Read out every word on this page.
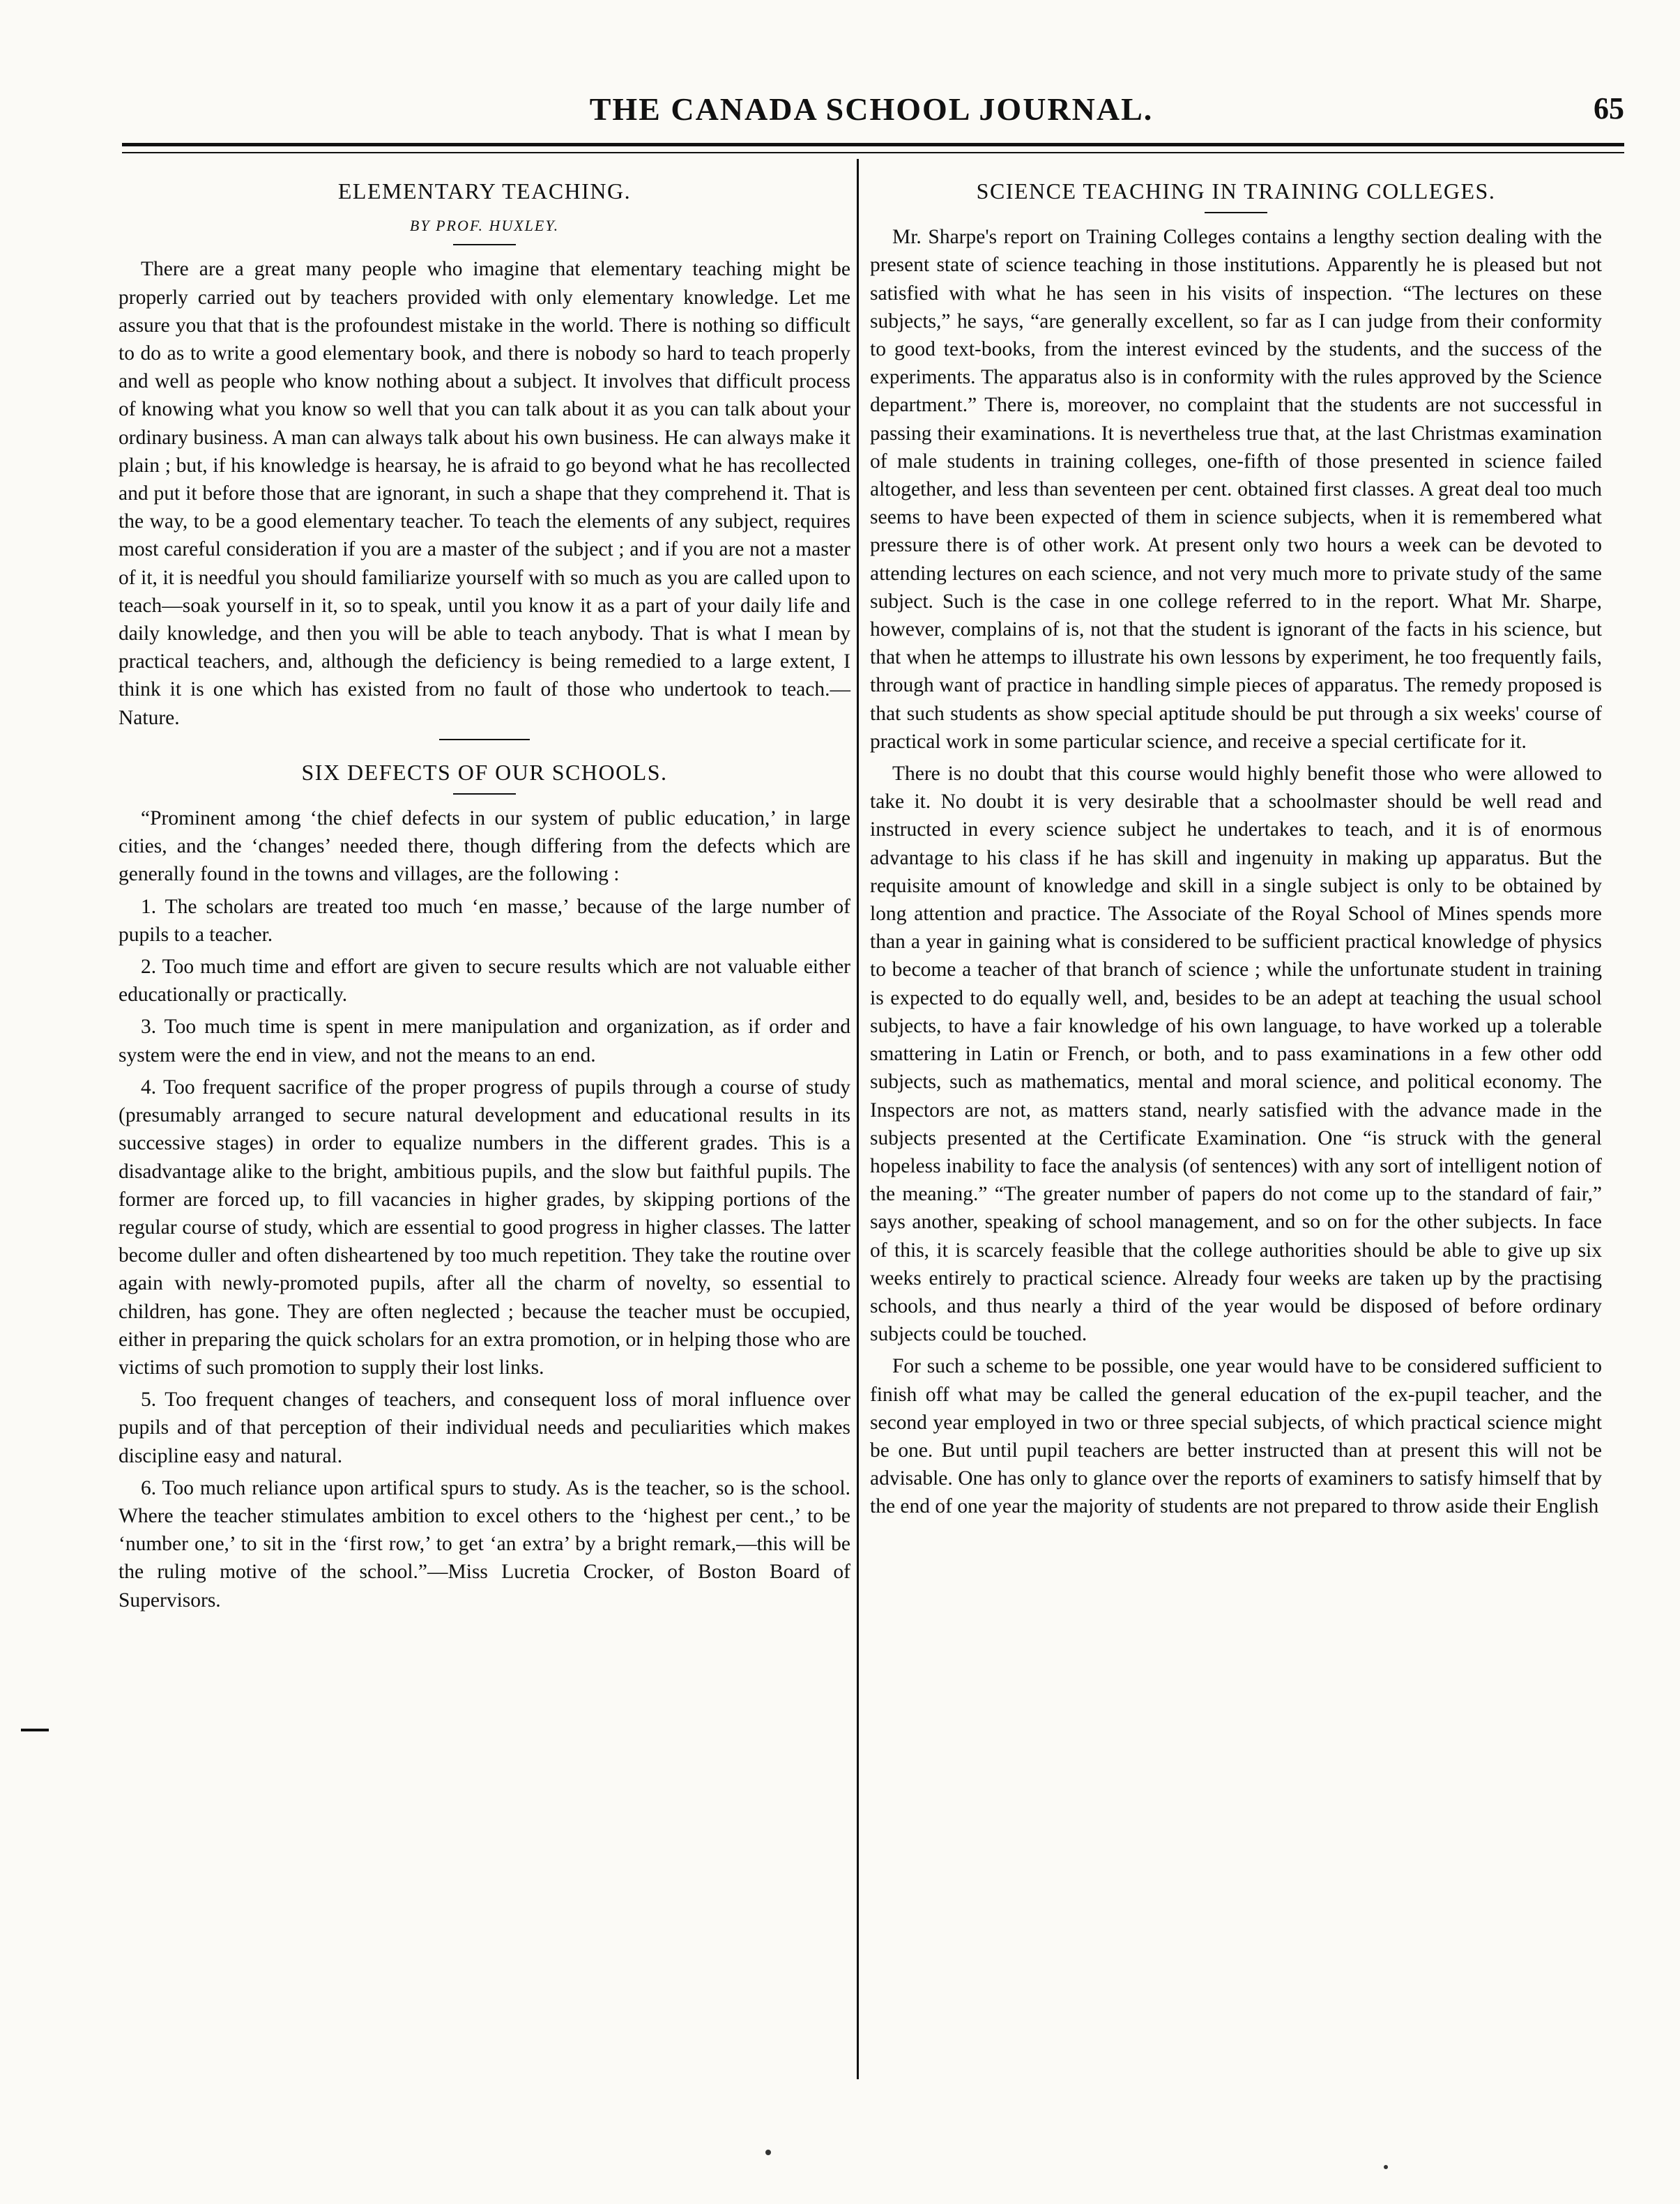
THE CANADA SCHOOL JOURNAL.	65
ELEMENTARY TEACHING.
BY PROF. HUXLEY.

There are a great many people who imagine that elementary teaching might be properly carried out by teachers provided with only elementary knowledge. Let me assure you that that is the profoundest mistake in the world. There is nothing so difficult to do as to write a good elementary book, and there is nobody so hard to teach properly and well as people who know nothing about a subject. It involves that difficult process of knowing what you know so well that you can talk about it as you can talk about your ordinary business. A man can always talk about his own business. He can always make it plain ; but, if his knowledge is hearsay, he is afraid to go beyond what he has recollected and put it before those that are ignorant, in such a shape that they comprehend it. That is the way, to be a good elementary teacher. To teach the elements of any subject, requires most careful consideration if you are a master of the subject ; and if you are not a master of it, it is needful you should familiarize yourself with so much as you are called upon to teach—soak yourself in it, so to speak, until you know it as a part of your daily life and daily knowledge, and then you will be able to teach anybody. That is what I mean by practical teachers, and, although the deficiency is being remedied to a large extent, I think it is one which has existed from no fault of those who undertook to teach.—Nature.

SIX DEFECTS OF OUR SCHOOLS.

“Prominent among ‘the chief defects in our system of public education,’ in large cities, and the ‘changes’ needed there, though differing from the defects which are generally found in the towns and villages, are the following :

1. The scholars are treated too much ‘en masse,’ because of the large number of pupils to a teacher.

2. Too much time and effort are given to secure results which are not valuable either educationally or practically.

3. Too much time is spent in mere manipulation and organization, as if order and system were the end in view, and not the means to an end.

4. Too frequent sacrifice of the proper progress of pupils through a course of study (presumably arranged to secure natural development and educational results in its successive stages) in order to equalize numbers in the different grades. This is a disadvantage alike to the bright, ambitious pupils, and the slow but faithful pupils. The former are forced up, to fill vacancies in higher grades, by skipping portions of the regular course of study, which are essential to good progress in higher classes. The latter become duller and often disheartened by too much repetition. They take the routine over again with newly-promoted pupils, after all the charm of novelty, so essential to children, has gone. They are often neglected ; because the teacher must be occupied, either in preparing the quick scholars for an extra promotion, or in helping those who are victims of such promotion to supply their lost links.

5. Too frequent changes of teachers, and consequent loss of moral influence over pupils and of that perception of their individual needs and peculiarities which makes discipline easy and natural.

6. Too much reliance upon artifical spurs to study. As is the teacher, so is the school. Where the teacher stimulates ambition to excel others to the ‘highest per cent.,’ to be ‘number one,’ to sit in the ‘first row,’ to get ‘an extra’ by a bright remark,—this will be the ruling motive of the school.”—Miss Lucretia Crocker, of Boston Board of Supervisors.

SCIENCE TEACHING IN TRAINING COLLEGES.

Mr. Sharpe's report on Training Colleges contains a lengthy section dealing with the present state of science teaching in those institutions. Apparently he is pleased but not satisfied with what he has seen in his visits of inspection. “The lectures on these subjects,” he says, “are generally excellent, so far as I can judge from their conformity to good text-books, from the interest evinced by the students, and the success of the experiments. The apparatus also is in conformity with the rules approved by the Science department.” There is, moreover, no complaint that the students are not successful in passing their examinations. It is nevertheless true that, at the last Christmas examination of male students in training colleges, one-fifth of those presented in science failed altogether, and less than seventeen per cent. obtained first classes. A great deal too much seems to have been expected of them in science subjects, when it is remembered what pressure there is of other work. At present only two hours a week can be devoted to attending lectures on each science, and not very much more to private study of the same subject. Such is the case in one college referred to in the report. What Mr. Sharpe, however, complains of is, not that the student is ignorant of the facts in his science, but that when he attemps to illustrate his own lessons by experiment, he too frequently fails, through want of practice in handling simple pieces of apparatus. The remedy proposed is that such students as show special aptitude should be put through a six weeks' course of practical work in some particular science, and receive a special certificate for it.

There is no doubt that this course would highly benefit those who were allowed to take it. No doubt it is very desirable that a schoolmaster should be well read and instructed in every science subject he undertakes to teach, and it is of enormous advantage to his class if he has skill and ingenuity in making up apparatus. But the requisite amount of knowledge and skill in a single subject is only to be obtained by long attention and practice. The Associate of the Royal School of Mines spends more than a year in gaining what is considered to be sufficient practical knowledge of physics to become a teacher of that branch of science ; while the unfortunate student in training is expected to do equally well, and, besides to be an adept at teaching the usual school subjects, to have a fair knowledge of his own language, to have worked up a tolerable smattering in Latin or French, or both, and to pass examinations in a few other odd subjects, such as mathematics, mental and moral science, and political economy. The Inspectors are not, as matters stand, nearly satisfied with the advance made in the subjects presented at the Certificate Examination. One “is struck with the general hopeless inability to face the analysis (of sentences) with any sort of intelligent notion of the meaning.” “The greater number of papers do not come up to the standard of fair,” says another, speaking of school management, and so on for the other subjects. In face of this, it is scarcely feasible that the college authorities should be able to give up six weeks entirely to practical science. Already four weeks are taken up by the practising schools, and thus nearly a third of the year would be disposed of before ordinary subjects could be touched.

For such a scheme to be possible, one year would have to be considered sufficient to finish off what may be called the general education of the ex-pupil teacher, and the second year employed in two or three special subjects, of which practical science might be one. But until pupil teachers are better instructed than at present this will not be advisable. One has only to glance over the reports of examiners to satisfy himself that by the end of one year the majority of students are not prepared to throw aside their English
